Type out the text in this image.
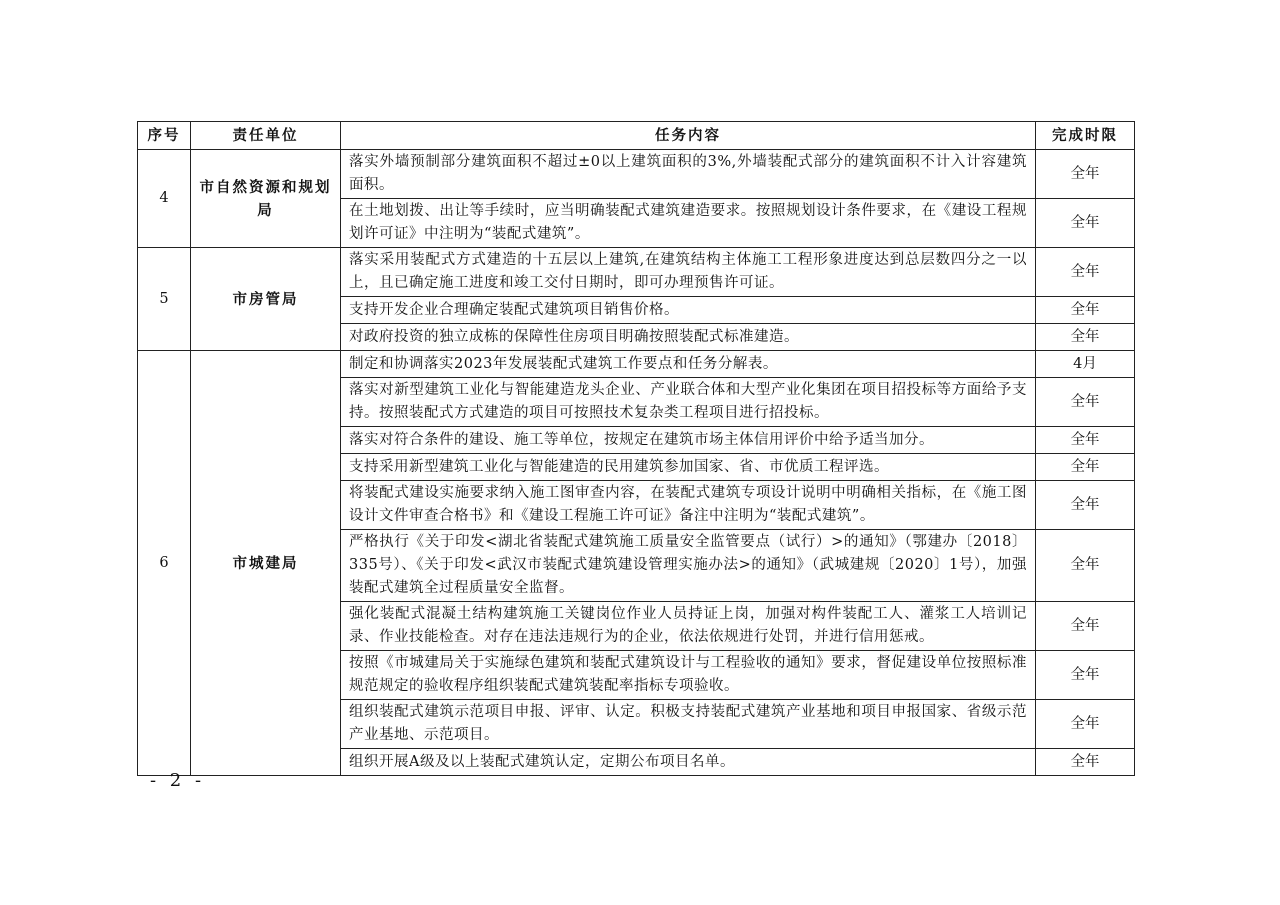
序号	责任单位	任务内容	完成时限
4	市自然资源和规划局	落实外墙预制部分建筑面积不超过±0以上建筑面积的3%,外墙装配式部分的建筑面积不计入计容建筑面积。	全年
		在土地划拨、出让等手续时，应当明确装配式建筑建造要求。按照规划设计条件要求，在《建设工程规划许可证》中注明为“装配式建筑”。	全年
5	市房管局	落实采用装配式方式建造的十五层以上建筑,在建筑结构主体施工工程形象进度达到总层数四分之一以上，且已确定施工进度和竣工交付日期时，即可办理预售许可证。	全年
		支持开发企业合理确定装配式建筑项目销售价格。	全年
		对政府投资的独立成栋的保障性住房项目明确按照装配式标准建造。	全年
6	市城建局	制定和协调落实2023年发展装配式建筑工作要点和任务分解表。	4月
		落实对新型建筑工业化与智能建造龙头企业、产业联合体和大型产业化集团在项目招投标等方面给予支持。按照装配式方式建造的项目可按照技术复杂类工程项目进行招投标。	全年
		落实对符合条件的建设、施工等单位，按规定在建筑市场主体信用评价中给予适当加分。	全年
		支持采用新型建筑工业化与智能建造的民用建筑参加国家、省、市优质工程评选。	全年
		将装配式建设实施要求纳入施工图审查内容，在装配式建筑专项设计说明中明确相关指标，在《施工图设计文件审查合格书》和《建设工程施工许可证》备注中注明为“装配式建筑”。	全年
		严格执行《关于印发<湖北省装配式建筑施工质量安全监管要点（试行）>的通知》（鄂建办〔2018〕335号）、《关于印发<武汉市装配式建筑建设管理实施办法>的通知》（武城建规〔2020〕1号），加强装配式建筑全过程质量安全监督。	全年
		强化装配式混凝土结构建筑施工关键岗位作业人员持证上岗，加强对构件装配工人、灌浆工人培训记录、作业技能检查。对存在违法违规行为的企业，依法依规进行处罚，并进行信用惩戒。	全年
		按照《市城建局关于实施绿色建筑和装配式建筑设计与工程验收的通知》要求，督促建设单位按照标准规范规定的验收程序组织装配式建筑装配率指标专项验收。	全年
		组织装配式建筑示范项目申报、评审、认定。积极支持装配式建筑产业基地和项目申报国家、省级示范产业基地、示范项目。	全年
		组织开展A级及以上装配式建筑认定，定期公布项目名单。	全年
- 2 -
